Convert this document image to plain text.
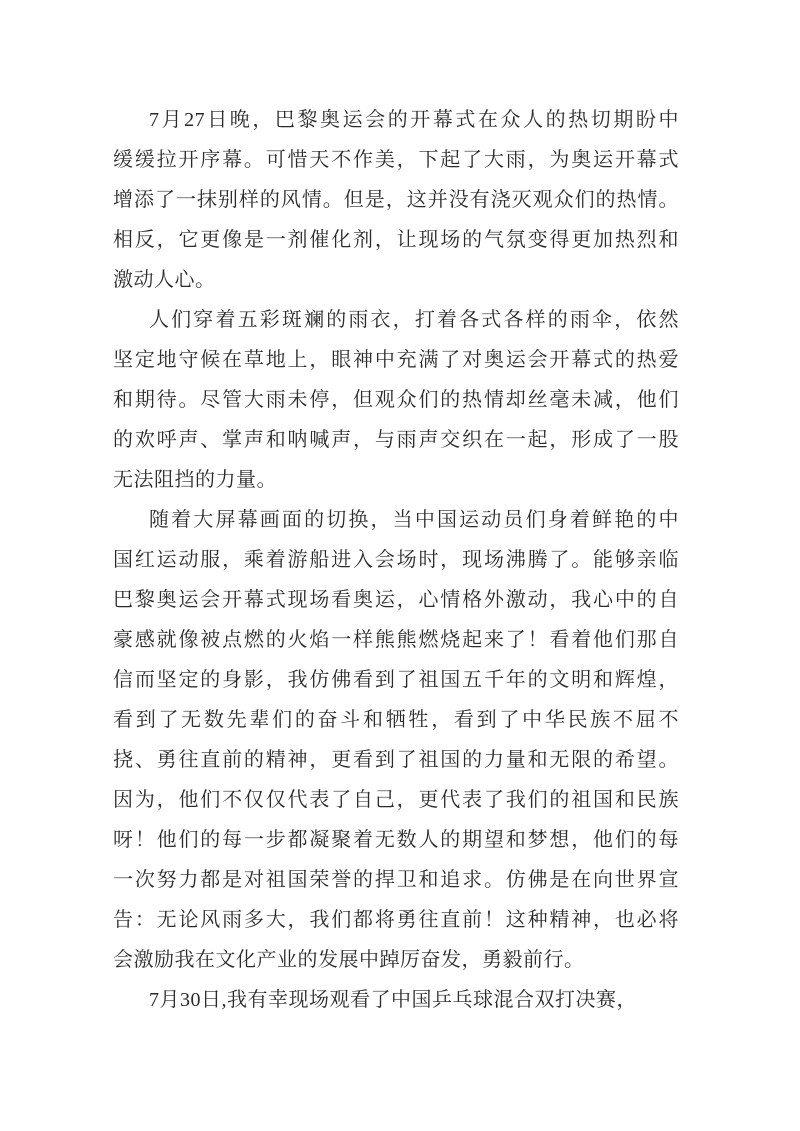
7月27日晚，巴黎奥运会的开幕式在众人的热切期盼中
缓缓拉开序幕。可惜天不作美，下起了大雨，为奥运开幕式
增添了一抹别样的风情。但是，这并没有浇灭观众们的热情。
相反，它更像是一剂催化剂，让现场的气氛变得更加热烈和
激动人心。

人们穿着五彩斑斓的雨衣，打着各式各样的雨伞，依然
坚定地守候在草地上，眼神中充满了对奥运会开幕式的热爱
和期待。尽管大雨未停，但观众们的热情却丝毫未减，他们
的欢呼声、掌声和呐喊声，与雨声交织在一起，形成了一股
无法阻挡的力量。

随着大屏幕画面的切换，当中国运动员们身着鲜艳的中
国红运动服，乘着游船进入会场时，现场沸腾了。能够亲临
巴黎奥运会开幕式现场看奥运，心情格外激动，我心中的自
豪感就像被点燃的火焰一样熊熊燃烧起来了！看着他们那自
信而坚定的身影，我仿佛看到了祖国五千年的文明和辉煌，
看到了无数先辈们的奋斗和牺牲，看到了中华民族不屈不
挠、勇往直前的精神，更看到了祖国的力量和无限的希望。
因为，他们不仅仅代表了自己，更代表了我们的祖国和民族
呀！他们的每一步都凝聚着无数人的期望和梦想，他们的每
一次努力都是对祖国荣誉的捍卫和追求。仿佛是在向世界宣
告：无论风雨多大，我们都将勇往直前！这种精神，也必将
会激励我在文化产业的发展中踔厉奋发，勇毅前行。

7月30日,我有幸现场观看了中国乒乓球混合双打决赛，
